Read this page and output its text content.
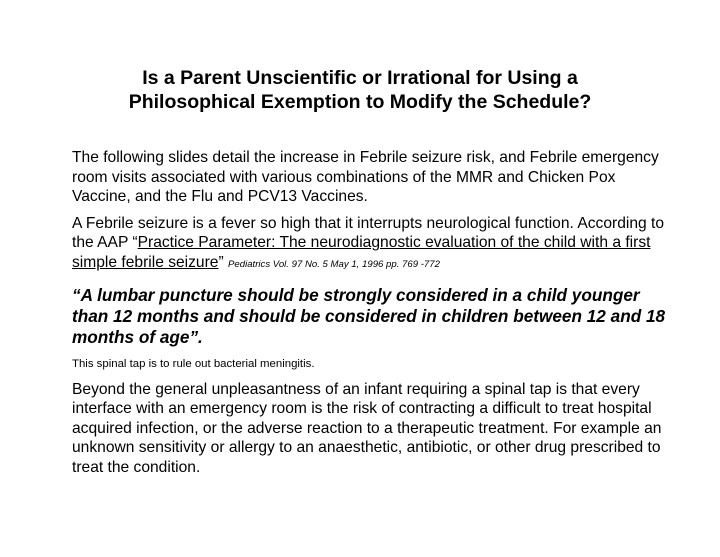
Is a Parent Unscientific or Irrational for Using a
Philosophical Exemption to Modify the Schedule?

The following slides detail the increase in Febrile seizure risk, and Febrile emergency room visits associated with various combinations of the MMR and Chicken Pox Vaccine, and the Flu and PCV13 Vaccines.

A Febrile seizure is a fever so high that it interrupts neurological function. According to the AAP “Practice Parameter: The neurodiagnostic evaluation of the child with a first simple febrile seizure” Pediatrics Vol. 97 No. 5 May 1, 1996 pp. 769 -772

“A lumbar puncture should be strongly considered in a child younger than 12 months and should be considered in children between 12 and 18 months of age”.

This spinal tap is to rule out bacterial meningitis.

Beyond the general unpleasantness of an infant requiring a spinal tap is that every interface with an emergency room is the risk of contracting a difficult to treat hospital acquired infection, or the adverse reaction to a therapeutic treatment. For example an unknown sensitivity or allergy to an anaesthetic, antibiotic, or other drug prescribed to treat the condition.
